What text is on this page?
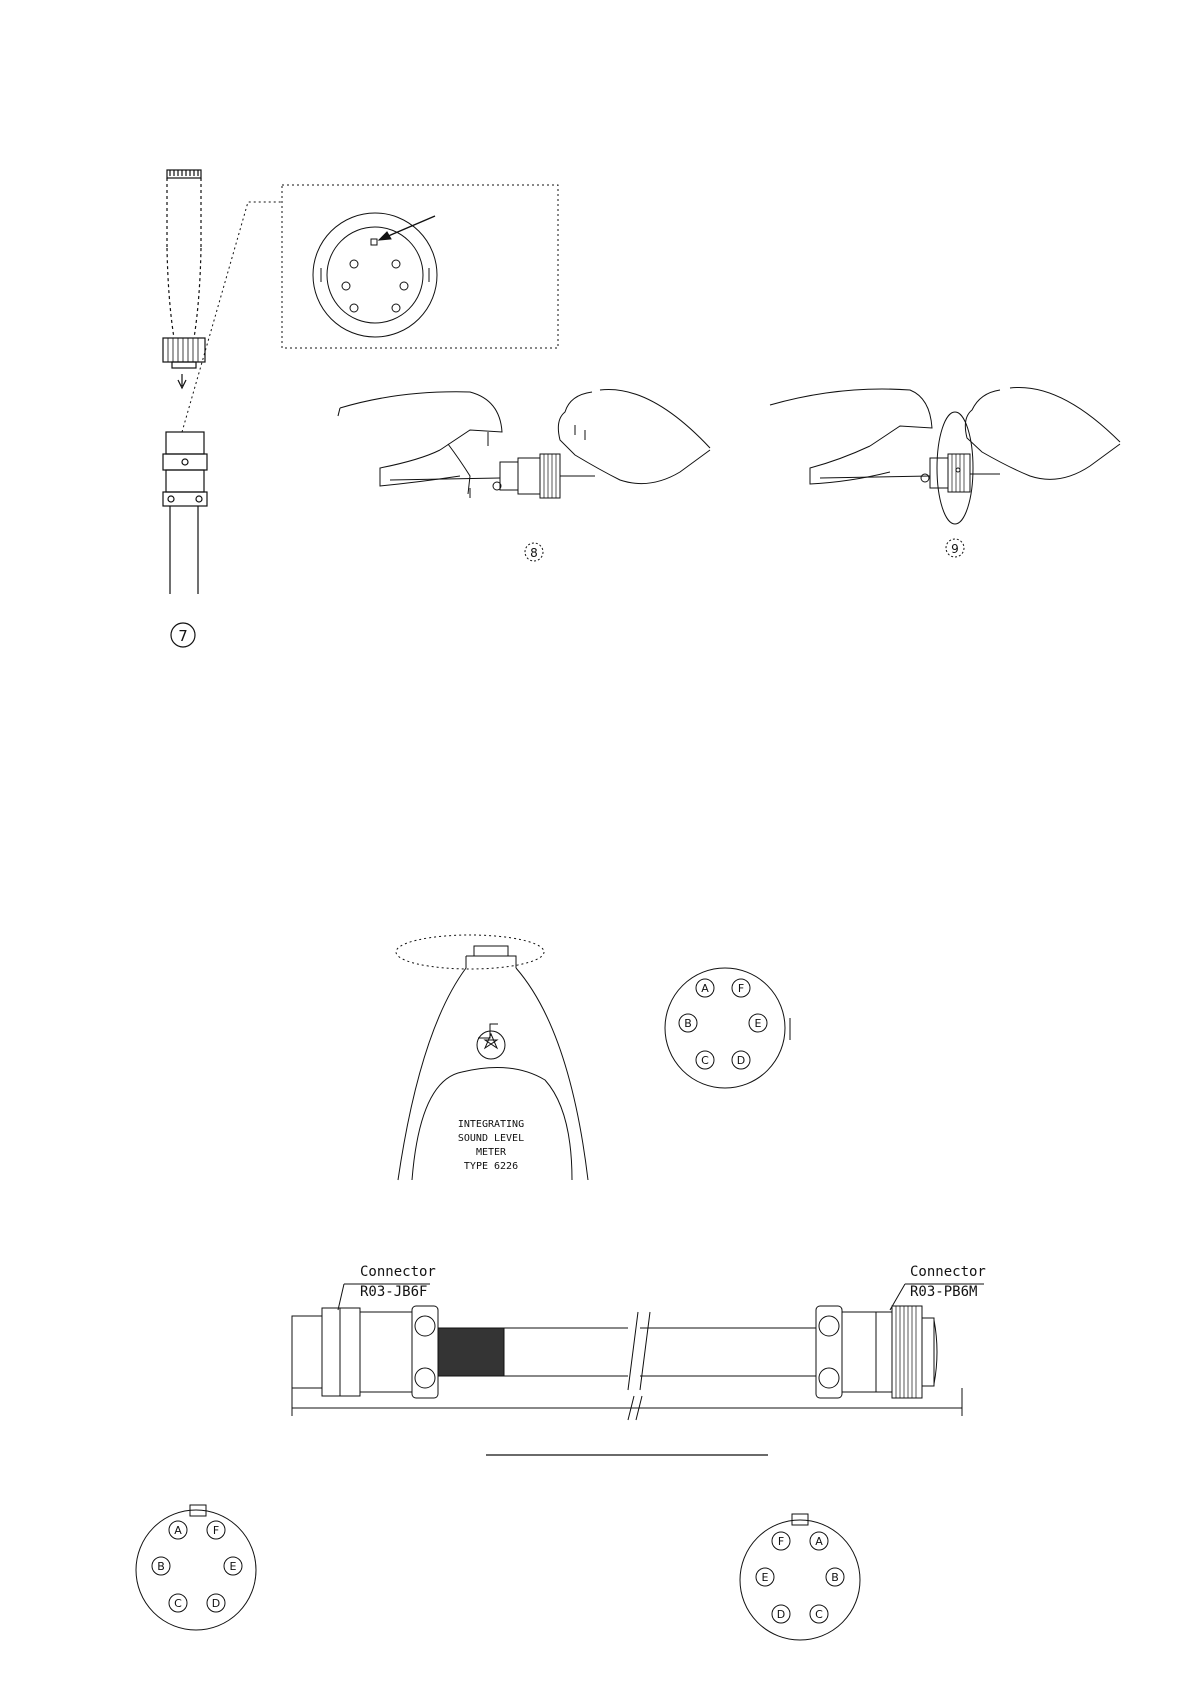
7
8	9
INTEGRATING
SOUND LEVEL
METER
TYPE 6226
A	F
B	E
C	D
Connector
R03-JB6F
Connector
R03-PB6M
A	F
B	E
C	D
F	A
E	B
D	C
